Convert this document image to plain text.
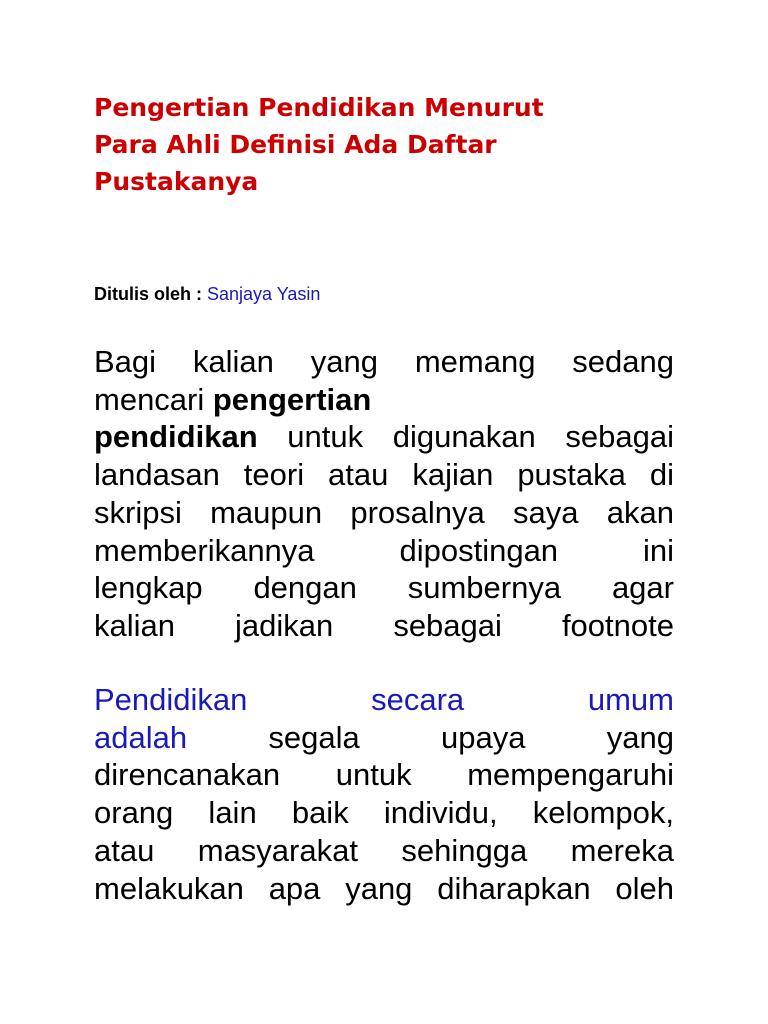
Pengertian Pendidikan Menurut
Para Ahli Definisi Ada Daftar
Pustakanya
Ditulis oleh : Sanjaya Yasin

Bagi kalian yang memang sedang
mencari pengertian
pendidikan untuk digunakan sebagai
landasan teori atau kajian pustaka di
skripsi maupun prosalnya saya akan
memberikannya dipostingan ini
lengkap dengan sumbernya agar
kalian jadikan sebagai footnote

Pendidikan secara umum
adalah segala upaya yang
direncanakan untuk mempengaruhi
orang lain baik individu, kelompok,
atau masyarakat sehingga mereka
melakukan apa yang diharapkan oleh
